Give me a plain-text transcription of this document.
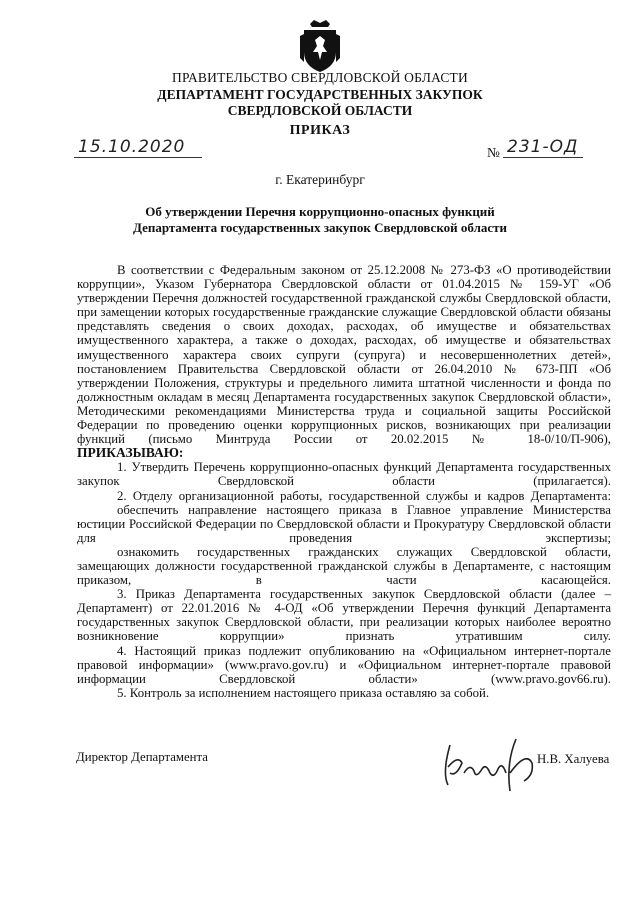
ПРАВИТЕЛЬСТВО СВЕРДЛОВСКОЙ ОБЛАСТИ
ДЕПАРТАМЕНТ ГОСУДАРСТВЕННЫХ ЗАКУПОК
СВЕРДЛОВСКОЙ ОБЛАСТИ
ПРИКАЗ
15.10.2020	№ 231-ОД
г. Екатеринбург
Об утверждении Перечня коррупционно-опасных функций
Департамента государственных закупок Свердловской области

В соответствии с Федеральным законом от 25.12.2008 № 273-ФЗ «О противодействии коррупции», Указом Губернатора Свердловской области от 01.04.2015 № 159-УГ «Об утверждении Перечня должностей государственной гражданской службы Свердловской области, при замещении которых государственные гражданские служащие Свердловской области обязаны представлять сведения о своих доходах, расходах, об имуществе и обязательствах имущественного характера, а также о доходах, расходах, об имуществе и обязательствах имущественного характера своих супруги (супруга) и несовершеннолетних детей», постановлением Правительства Свердловской области от 26.04.2010 № 673-ПП «Об утверждении Положения, структуры и предельного лимита штатной численности и фонда по должностным окладам в месяц Департамента государственных закупок Свердловской области», Методическими рекомендациями Министерства труда и социальной защиты Российской Федерации по проведению оценки коррупционных рисков, возникающих при реализации функций (письмо Минтруда России от 20.02.2015 № 18-0/10/П-906),

ПРИКАЗЫВАЮ:

1. Утвердить Перечень коррупционно-опасных функций Департамента государственных закупок Свердловской области (прилагается).

2. Отделу организационной работы, государственной службы и кадров Департамента:

обеспечить направление настоящего приказа в Главное управление Министерства юстиции Российской Федерации по Свердловской области и Прокуратуру Свердловской области для проведения экспертизы;

ознакомить государственных гражданских служащих Свердловской области, замещающих должности государственной гражданской службы в Департаменте, с настоящим приказом, в части касающейся.

3. Приказ Департамента государственных закупок Свердловской области (далее – Департамент) от 22.01.2016 № 4-ОД «Об утверждении Перечня функций Департамента государственных закупок Свердловской области, при реализации которых наиболее вероятно возникновение коррупции» признать утратившим силу.

4. Настоящий приказ подлежит опубликованию на «Официальном интернет-портале правовой информации» (www.pravo.gov.ru) и «Официальном интернет-портале правовой информации Свердловской области» (www.pravo.gov66.ru).

5. Контроль за исполнением настоящего приказа оставляю за собой.

Директор Департамента	Н.В. Халуева
